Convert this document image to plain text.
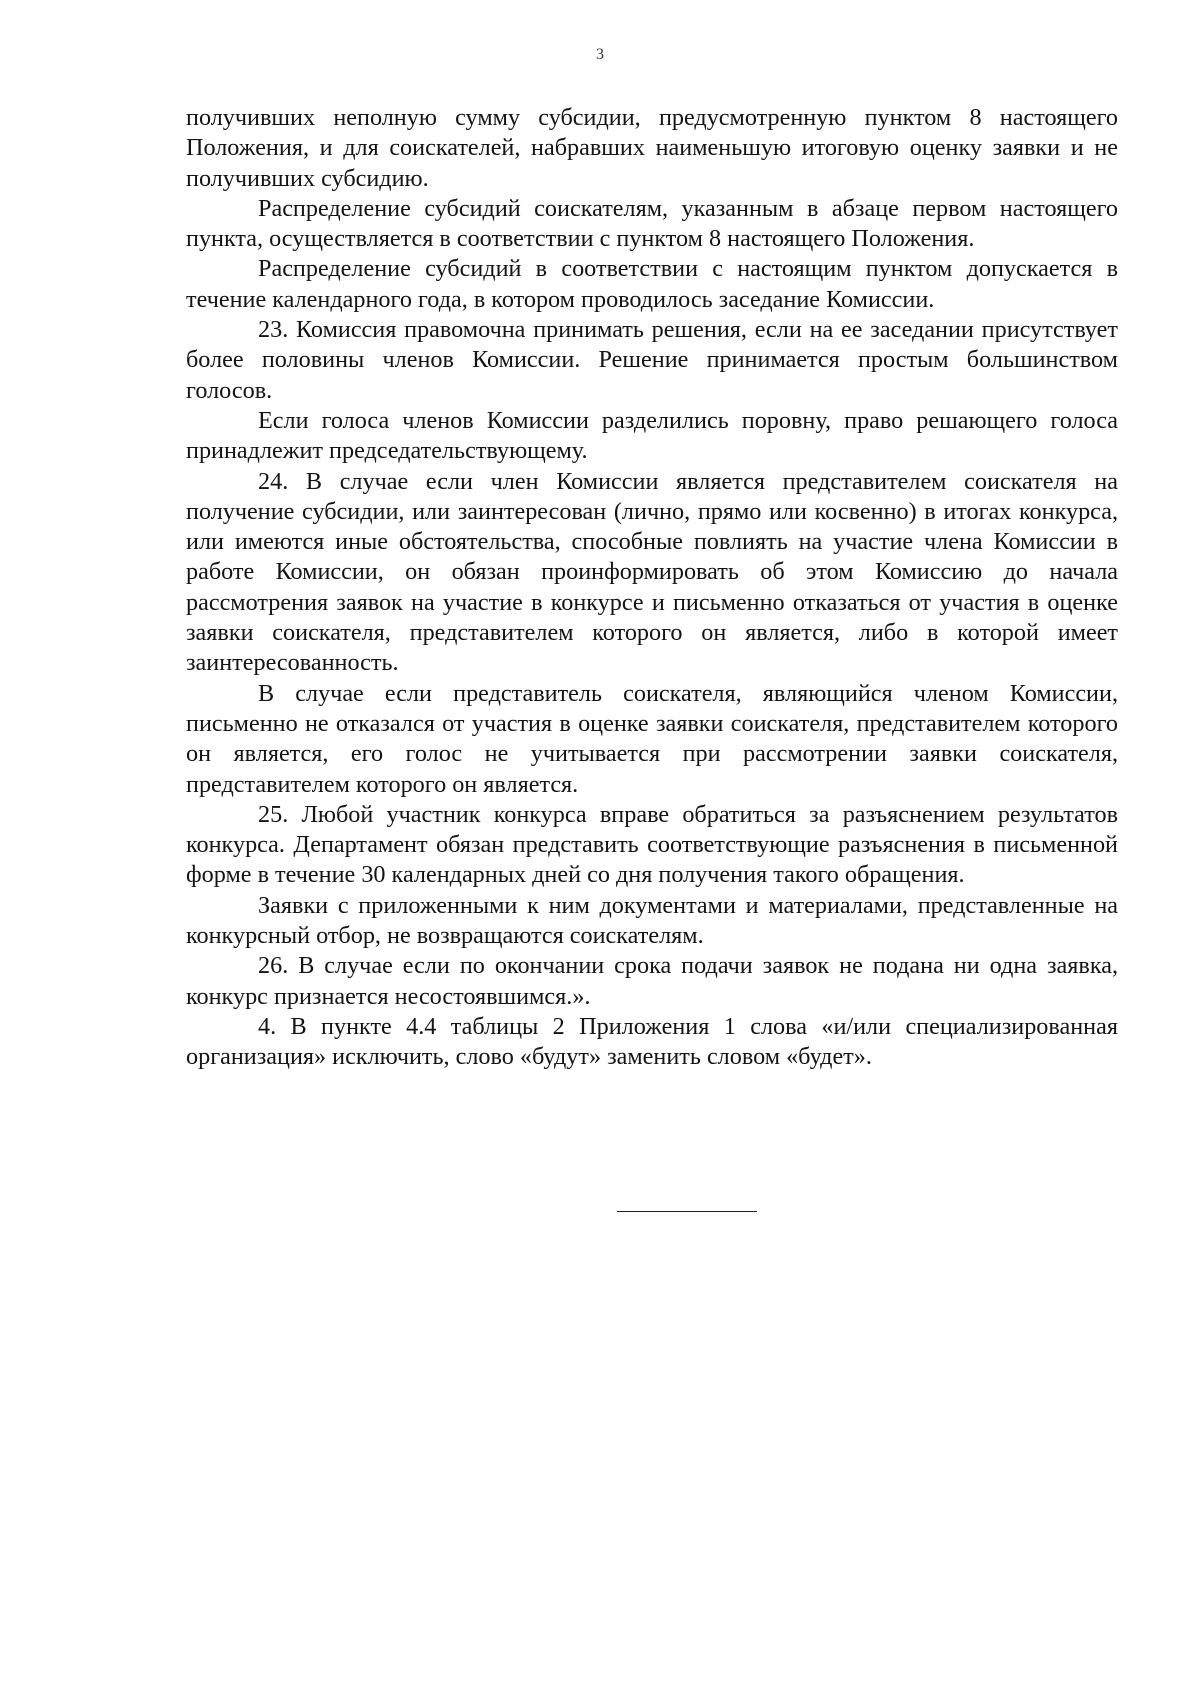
3

получивших неполную сумму субсидии, предусмотренную пунктом 8 настоящего Положения, и для соискателей, набравших наименьшую итоговую оценку заявки и не получивших субсидию.

Распределение субсидий соискателям, указанным в абзаце первом настоящего пункта, осуществляется в соответствии с пунктом 8 настоящего Положения.

Распределение субсидий в соответствии с настоящим пунктом допускается в течение календарного года, в котором проводилось заседание Комиссии.

23. Комиссия правомочна принимать решения, если на ее заседании присутствует более половины членов Комиссии. Решение принимается простым большинством голосов.

Если голоса членов Комиссии разделились поровну, право решающего голоса принадлежит председательствующему.

24. В случае если член Комиссии является представителем соискателя на получение субсидии, или заинтересован (лично, прямо или косвенно) в итогах конкурса, или имеются иные обстоятельства, способные повлиять на участие члена Комиссии в работе Комиссии, он обязан проинформировать об этом Комиссию до начала рассмотрения заявок на участие в конкурсе и письменно отказаться от участия в оценке заявки соискателя, представителем которого он является, либо в которой имеет заинтересованность.

В случае если представитель соискателя, являющийся членом Комиссии, письменно не отказался от участия в оценке заявки соискателя, представителем которого он является, его голос не учитывается при рассмотрении заявки соискателя, представителем которого он является.

25. Любой участник конкурса вправе обратиться за разъяснением результатов конкурса. Департамент обязан представить соответствующие разъяснения в письменной форме в течение 30 календарных дней со дня получения такого обращения.

Заявки с приложенными к ним документами и материалами, представленные на конкурсный отбор, не возвращаются соискателям.

26. В случае если по окончании срока подачи заявок не подана ни одна заявка, конкурс признается несостоявшимся.».

4. В пункте 4.4 таблицы 2 Приложения 1 слова «и/или специализированная организация» исключить, слово «будут» заменить словом «будет».
